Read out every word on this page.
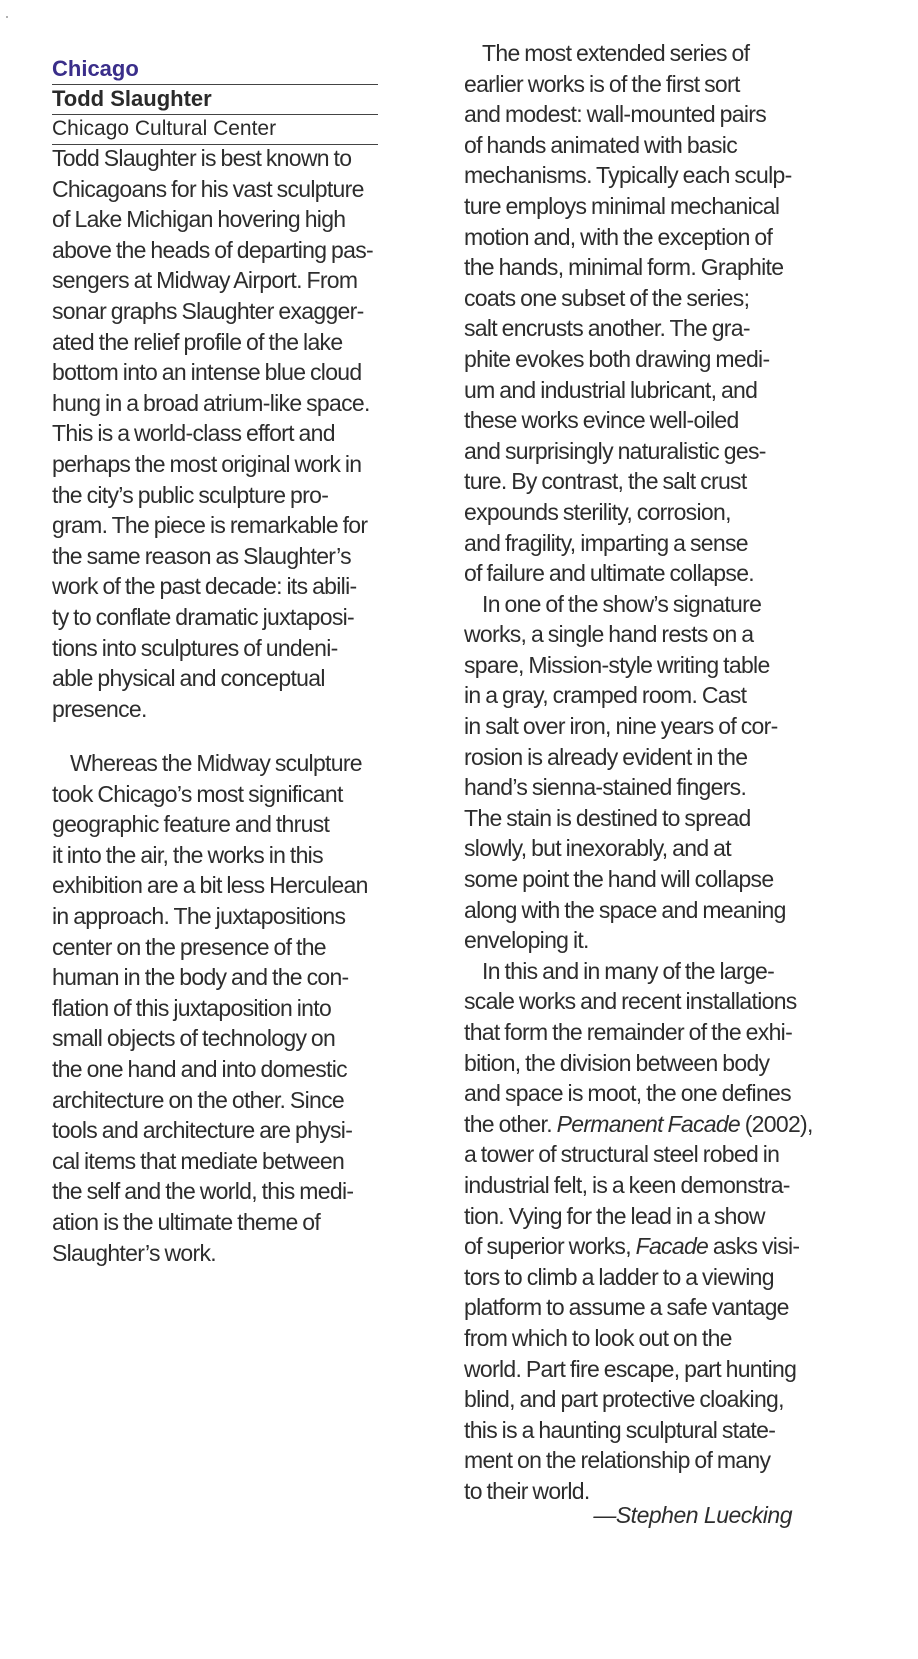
Chicago
Todd Slaughter
Chicago Cultural Center
Todd Slaughter is best known to
Chicagoans for his vast sculpture
of Lake Michigan hovering high
above the heads of departing pas-
sengers at Midway Airport. From
sonar graphs Slaughter exagger-
ated the relief profile of the lake
bottom into an intense blue cloud
hung in a broad atrium-like space.
This is a world-class effort and
perhaps the most original work in
the city’s public sculpture pro-
gram. The piece is remarkable for
the same reason as Slaughter’s
work of the past decade: its abili-
ty to conflate dramatic juxtaposi-
tions into sculptures of undeni-
able physical and conceptual
presence.
Whereas the Midway sculpture
took Chicago’s most significant
geographic feature and thrust
it into the air, the works in this
exhibition are a bit less Herculean
in approach. The juxtapositions
center on the presence of the
human in the body and the con-
flation of this juxtaposition into
small objects of technology on
the one hand and into domestic
architecture on the other. Since
tools and architecture are physi-
cal items that mediate between
the self and the world, this medi-
ation is the ultimate theme of
Slaughter’s work.
The most extended series of
earlier works is of the first sort
and modest: wall-mounted pairs
of hands animated with basic
mechanisms. Typically each sculp-
ture employs minimal mechanical
motion and, with the exception of
the hands, minimal form. Graphite
coats one subset of the series;
salt encrusts another. The gra-
phite evokes both drawing medi-
um and industrial lubricant, and
these works evince well-oiled
and surprisingly naturalistic ges-
ture. By contrast, the salt crust
expounds sterility, corrosion,
and fragility, imparting a sense
of failure and ultimate collapse.
In one of the show’s signature
works, a single hand rests on a
spare, Mission-style writing table
in a gray, cramped room. Cast
in salt over iron, nine years of cor-
rosion is already evident in the
hand’s sienna-stained fingers.
The stain is destined to spread
slowly, but inexorably, and at
some point the hand will collapse
along with the space and meaning
enveloping it.
In this and in many of the large-
scale works and recent installations
that form the remainder of the exhi-
bition, the division between body
and space is moot, the one defines
the other. Permanent Facade (2002),
a tower of structural steel robed in
industrial felt, is a keen demonstra-
tion. Vying for the lead in a show
of superior works, Facade asks visi-
tors to climb a ladder to a viewing
platform to assume a safe vantage
from which to look out on the
world. Part fire escape, part hunting
blind, and part protective cloaking,
this is a haunting sculptural state-
ment on the relationship of many
to their world.
—Stephen Luecking
